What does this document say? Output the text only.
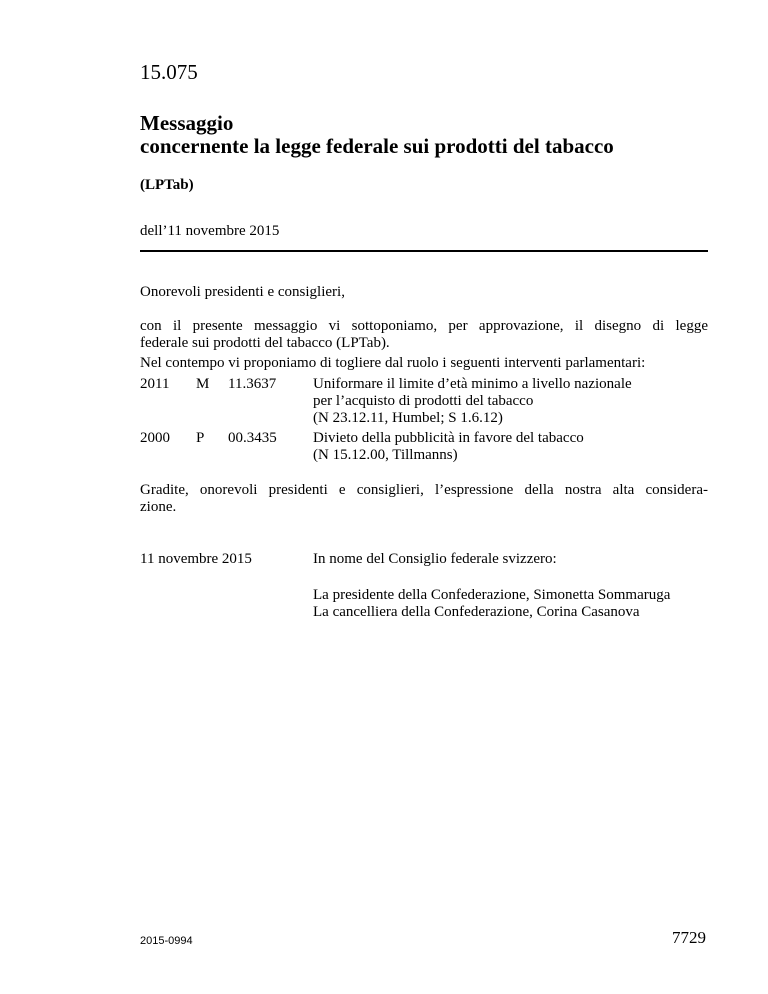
15.075
Messaggio
concernente la legge federale sui prodotti del tabacco
(LPTab)
dell’11 novembre 2015
Onorevoli presidenti e consiglieri,
con il presente messaggio vi sottoponiamo, per approvazione, il disegno di legge
federale sui prodotti del tabacco (LPTab).
Nel contempo vi proponiamo di togliere dal ruolo i seguenti interventi parlamentari:
2011 M 11.3637 Uniformare il limite d’età minimo a livello nazionale
per l’acquisto di prodotti del tabacco
(N 23.12.11, Humbel; S 1.6.12)
2000 P 00.3435 Divieto della pubblicità in favore del tabacco
(N 15.12.00, Tillmanns)
Gradite, onorevoli presidenti e consiglieri, l’espressione della nostra alta considera-
zione.
11 novembre 2015	In nome del Consiglio federale svizzero:
La presidente della Confederazione, Simonetta Sommaruga
La cancelliera della Confederazione, Corina Casanova
2015-0994	7729
